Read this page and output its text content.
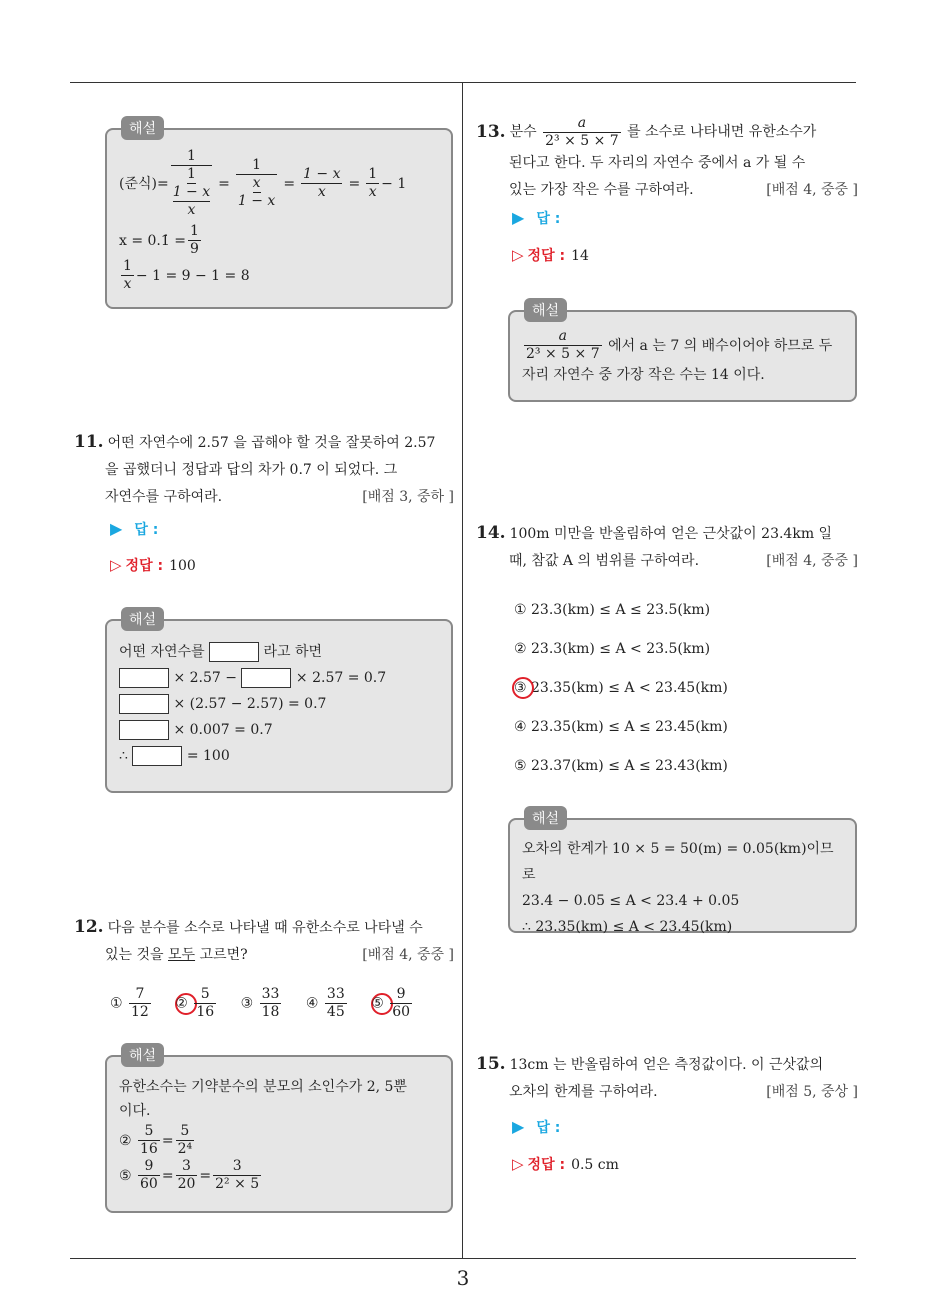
3
해설
(준식)=
1
1
1 − x
x
=
1
x
1 − x
= $\frac{1 - x}{x} = \frac{1}{x} - 1$
x = 0.1̇ = $\frac{1}{9}$
$\frac{1}{x} - 1 = 9 - 1 = 8$
11. 어떤 자연수에 2.57̇ 을 곱해야 할 것을 잘못하여 2.57
을 곱했더니 정답과 답의 차가 0.7̇ 이 되었다. 그
자연수를 구하여라.	[배점 3, 중하 ]
▶ 답 :
▷ 정답 : 100
해설
어떤 자연수를	라고 하면
× 2.57̇ −	× 2.57 = 0.7̇
× (2.57̇ − 2.57) = 0.7̇
× 0.007̇ = 0.7̇
∴	= 100
12. 다음 분수를 소수로 나타낼 때 유한소수로 나타낼 수
있는 것을 모두 고르면?	[배점 4, 중중 ]
① $\frac{7}{12}$ ② $\frac{5}{16}$ ③ $\frac{33}{18}$ ④ $\frac{33}{45}$ ⑤ $\frac{9}{60}$
해설
유한소수는 기약분수의 분모의 소인수가 2, 5뿐
이다.
②
$\frac{5}{16} = \frac{5}{\text{2⁴}}$
⑤
$\frac{9}{60} = \frac{3}{20} = \frac{3}{\text{2² × 5}}$
13. 분수
$\frac{a}{\text{2³ × 5 × 7}}$
를 소수로 나타내면 유한소수가
된다고 한다. 두 자리의 자연수 중에서 a 가 될 수
있는 가장 작은 수를 구하여라.	[배점 4, 중중 ]
▶ 답 :
▷ 정답 : 14
해설
$\frac{a}{\text{2³ × 5 × 7}}$
에서 a 는 7 의 배수이어야 하므로 두
자리 자연수 중 가장 작은 수는 14 이다.
14. 100m 미만을 반올림하여 얻은 근삿값이 23.4km 일
때, 참값 A 의 범위를 구하여라.	[배점 4, 중중 ]
① 23.3(km) ≤ A ≤ 23.5(km)
② 23.3(km) ≤ A < 23.5(km)
③ 23.35(km) ≤ A < 23.45(km)
④ 23.35(km) ≤ A ≤ 23.45(km)
⑤ 23.37(km) ≤ A ≤ 23.43(km)
해설
오차의 한계가 10 × 5 = 50(m) = 0.05(km)이므로
23.4 − 0.05 ≤ A < 23.4 + 0.05
∴ 23.35(km) ≤ A < 23.45(km)
15. 13cm 는 반올림하여 얻은 측정값이다. 이 근삿값의
오차의 한계를 구하여라.	[배점 5, 중상 ]
▶ 답 :
▷ 정답 : 0.5 cm
